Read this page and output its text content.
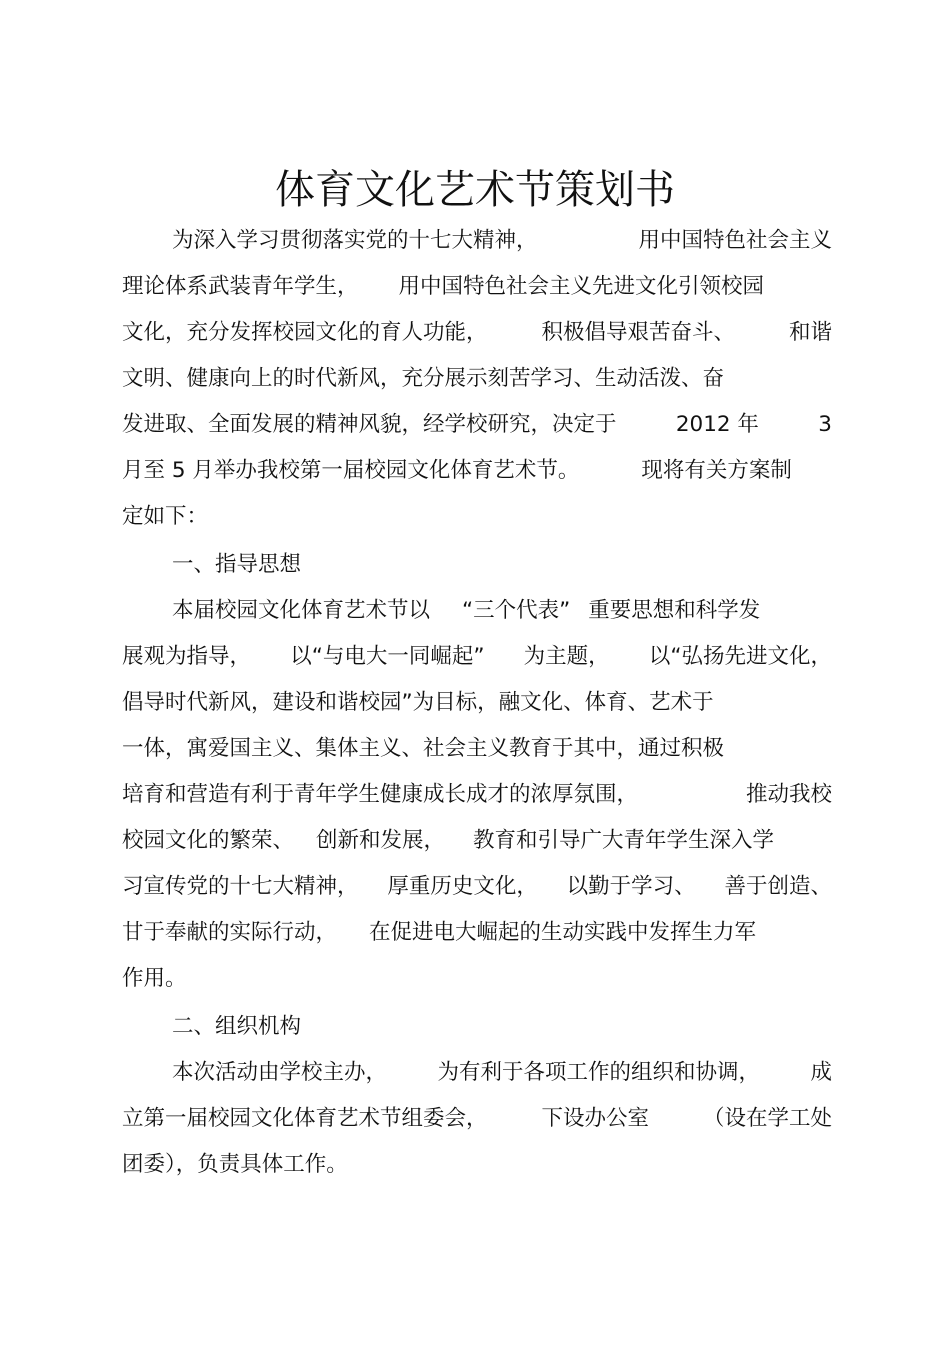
体育文化艺术节策划书
为深入学习贯彻落实党的十七大精神，	用中国特色社会主义
理论体系武装青年学生， 用中国特色社会主义先进文化引领校园
文化，充分发挥校园文化的育人功能，	积极倡导艰苦奋斗、	和谐
文明、健康向上的时代新风，充分展示刻苦学习、生动活泼、奋
发进取、全面发展的精神风貌，经学校研究，决定于	2012 年	3
月至 5 月举办我校第一届校园文化体育艺术节。	现将有关方案制
定如下：
一、指导思想
本届校园文化体育艺术节以 “三个代表” 重要思想和科学发
展观为指导， 以“与电大一同崛起” 为主题， 以“弘扬先进文化，
倡导时代新风，建设和谐校园”为目标，融文化、体育、艺术于
一体，寓爱国主义、集体主义、社会主义教育于其中，通过积极
培育和营造有利于青年学生健康成长成才的浓厚氛围，	推动我校
校园文化的繁荣、 创新和发展， 教育和引导广大青年学生深入学
习宣传党的十七大精神， 厚重历史文化， 以勤于学习、 善于创造、
甘于奉献的实际行动， 在促进电大崛起的生动实践中发挥生力军
作用。
二、组织机构
本次活动由学校主办， 为有利于各项工作的组织和协调， 成
立第一届校园文化体育艺术节组委会，	下设办公室	（设在学工处
团委），负责具体工作。
